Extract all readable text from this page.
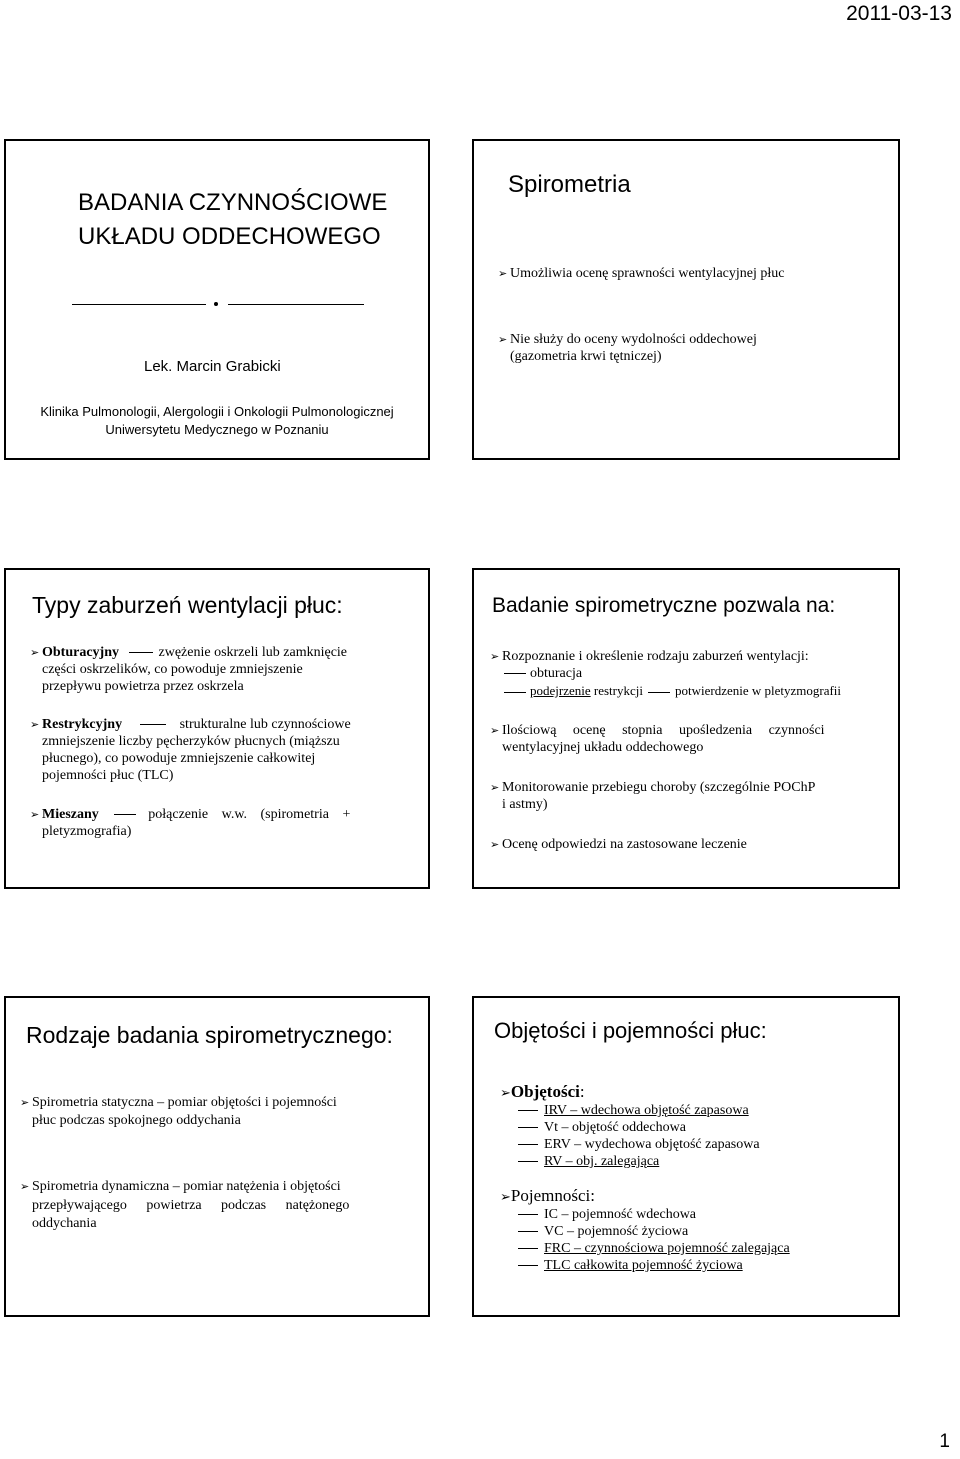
2011-03-13
BADANIA CZYNNOŚCIOWE
UKŁADU ODDECHOWEGO
Lek. Marcin Grabicki
Klinika Pulmonologii, Alergologii i Onkologii Pulmonologicznej
Uniwersytetu Medycznego w Poznaniu
Spirometria
➢ Umożliwia ocenę sprawności wentylacyjnej płuc
➢ Nie służy do oceny wydolności oddechowej
(gazometria krwi tętniczej)
Typy zaburzeń wentylacji płuc:
➢ Obturacyjny	zwężenie oskrzeli lub zamknięcie
części oskrzelików, co powoduje zmniejszenie
przepływu powietrza przez oskrzela
➢ Restrykcyjny	strukturalne lub czynnościowe
zmniejszenie liczby pęcherzyków płucnych (miąższu
płucnego), co powoduje zmniejszenie całkowitej
pojemności płuc (TLC)
➢ Mieszany	połączenie w.w. (spirometria +
pletyzmografia)
Badanie spirometryczne pozwala na:
➢ Rozpoznanie i określenie rodzaju zaburzeń wentylacji:
obturacja
podejrzenie restrykcji potwierdzenie w pletyzmografii
➢ Ilościową ocenę stopnia upośledzenia czynności
wentylacyjnej układu oddechowego
➢ Monitorowanie przebiegu choroby (szczególnie POChP
i astmy)
➢ Ocenę odpowiedzi na zastosowane leczenie
Rodzaje badania spirometrycznego:
➢ Spirometria statyczna – pomiar objętości i pojemności
płuc podczas spokojnego oddychania
➢ Spirometria dynamiczna – pomiar natężenia i objętości
przepływającego powietrza podczas natężonego
oddychania
Objętości i pojemności płuc:
➢Objętości:
IRV – wdechowa objętość zapasowa
Vt – objętość oddechowa
ERV – wydechowa objętość zapasowa
RV – obj. zalegająca
➢Pojemności:
IC – pojemność wdechowa
VC – pojemność życiowa
FRC – czynnościowa pojemność zalegająca
TLC całkowita pojemność życiowa
1
